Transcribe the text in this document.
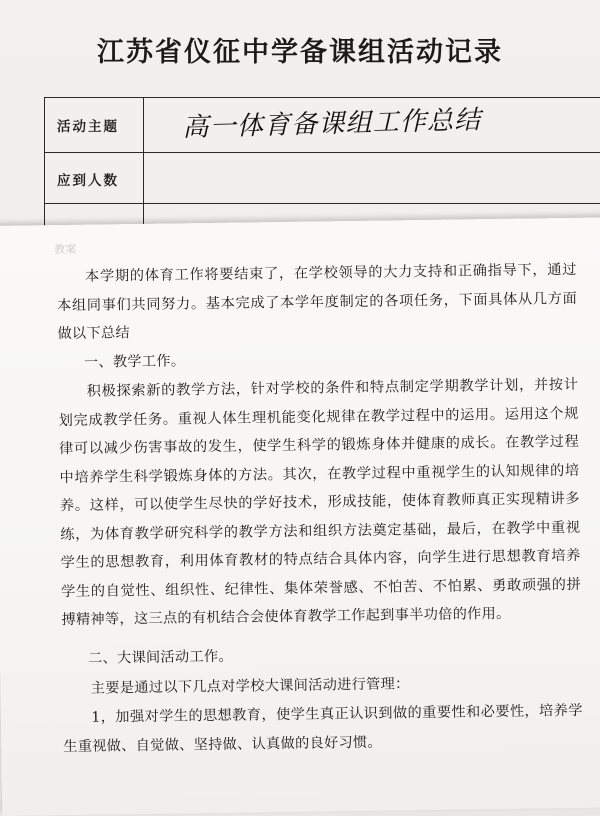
江苏省仪征中学备课组活动记录
活动主题	高一体育备课组工作总结
应到人数
教案
本学期的体育工作将要结束了，在学校领导的大力支持和正确指导下，通过本组同事们共同努力。基本完成了本学年度制定的各项任务，下面具体从几方面做以下总结
一、教学工作。
积极探索新的教学方法，针对学校的条件和特点制定学期教学计划，并按计划完成教学任务。重视人体生理机能变化规律在教学过程中的运用。运用这个规律可以减少伤害事故的发生，使学生科学的锻炼身体并健康的成长。在教学过程中培养学生科学锻炼身体的方法。其次，在教学过程中重视学生的认知规律的培养。这样，可以使学生尽快的学好技术，形成技能，使体育教师真正实现精讲多练，为体育教学研究科学的教学方法和组织方法奠定基础，最后，在教学中重视学生的思想教育，利用体育教材的特点结合具体内容，向学生进行思想教育培养学生的自觉性、组织性、纪律性、集体荣誉感、不怕苦、不怕累、勇敢顽强的拼搏精神等，这三点的有机结合会使体育教学工作起到事半功倍的作用。
二、大课间活动工作。
主要是通过以下几点对学校大课间活动进行管理：
1，加强对学生的思想教育，使学生真正认识到做的重要性和必要性，培养学生重视做、自觉做、坚持做、认真做的良好习惯。
